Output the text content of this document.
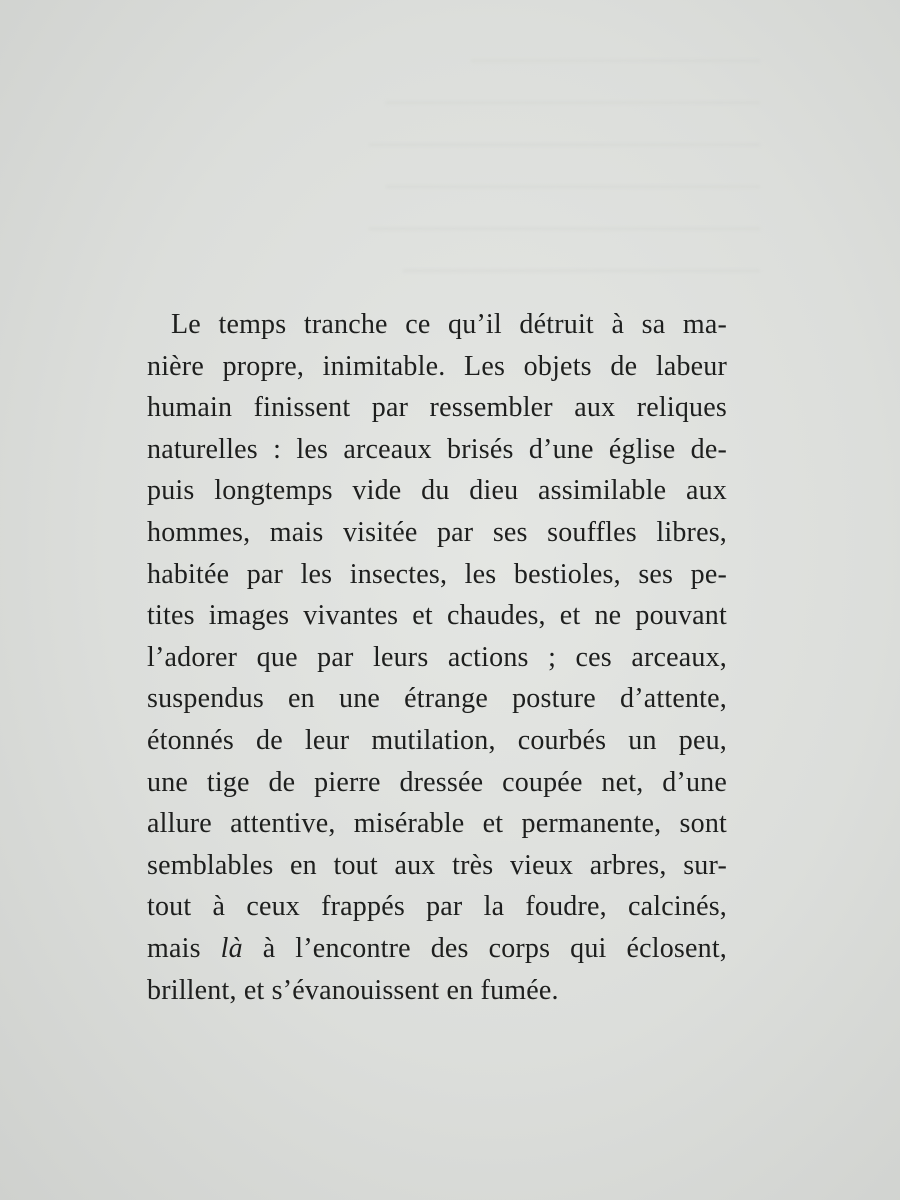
─────────────────
──────────────────────
───────────────────────
──────────────────────
───────────────────────
─────────────────────
Le temps tranche ce qu’il détruit à sa ma-
nière propre, inimitable. Les objets de labeur
humain finissent par ressembler aux reliques
naturelles : les arceaux brisés d’une église de-
puis longtemps vide du dieu assimilable aux
hommes, mais visitée par ses souffles libres,
habitée par les insectes, les bestioles, ses pe-
tites images vivantes et chaudes, et ne pouvant
l’adorer que par leurs actions ; ces arceaux,
suspendus en une étrange posture d’attente,
étonnés de leur mutilation, courbés un peu,
une tige de pierre dressée coupée net, d’une
allure attentive, misérable et permanente, sont
semblables en tout aux très vieux arbres, sur-
tout à ceux frappés par la foudre, calcinés,
mais là à l’encontre des corps qui éclosent,
brillent, et s’évanouissent en fumée.
